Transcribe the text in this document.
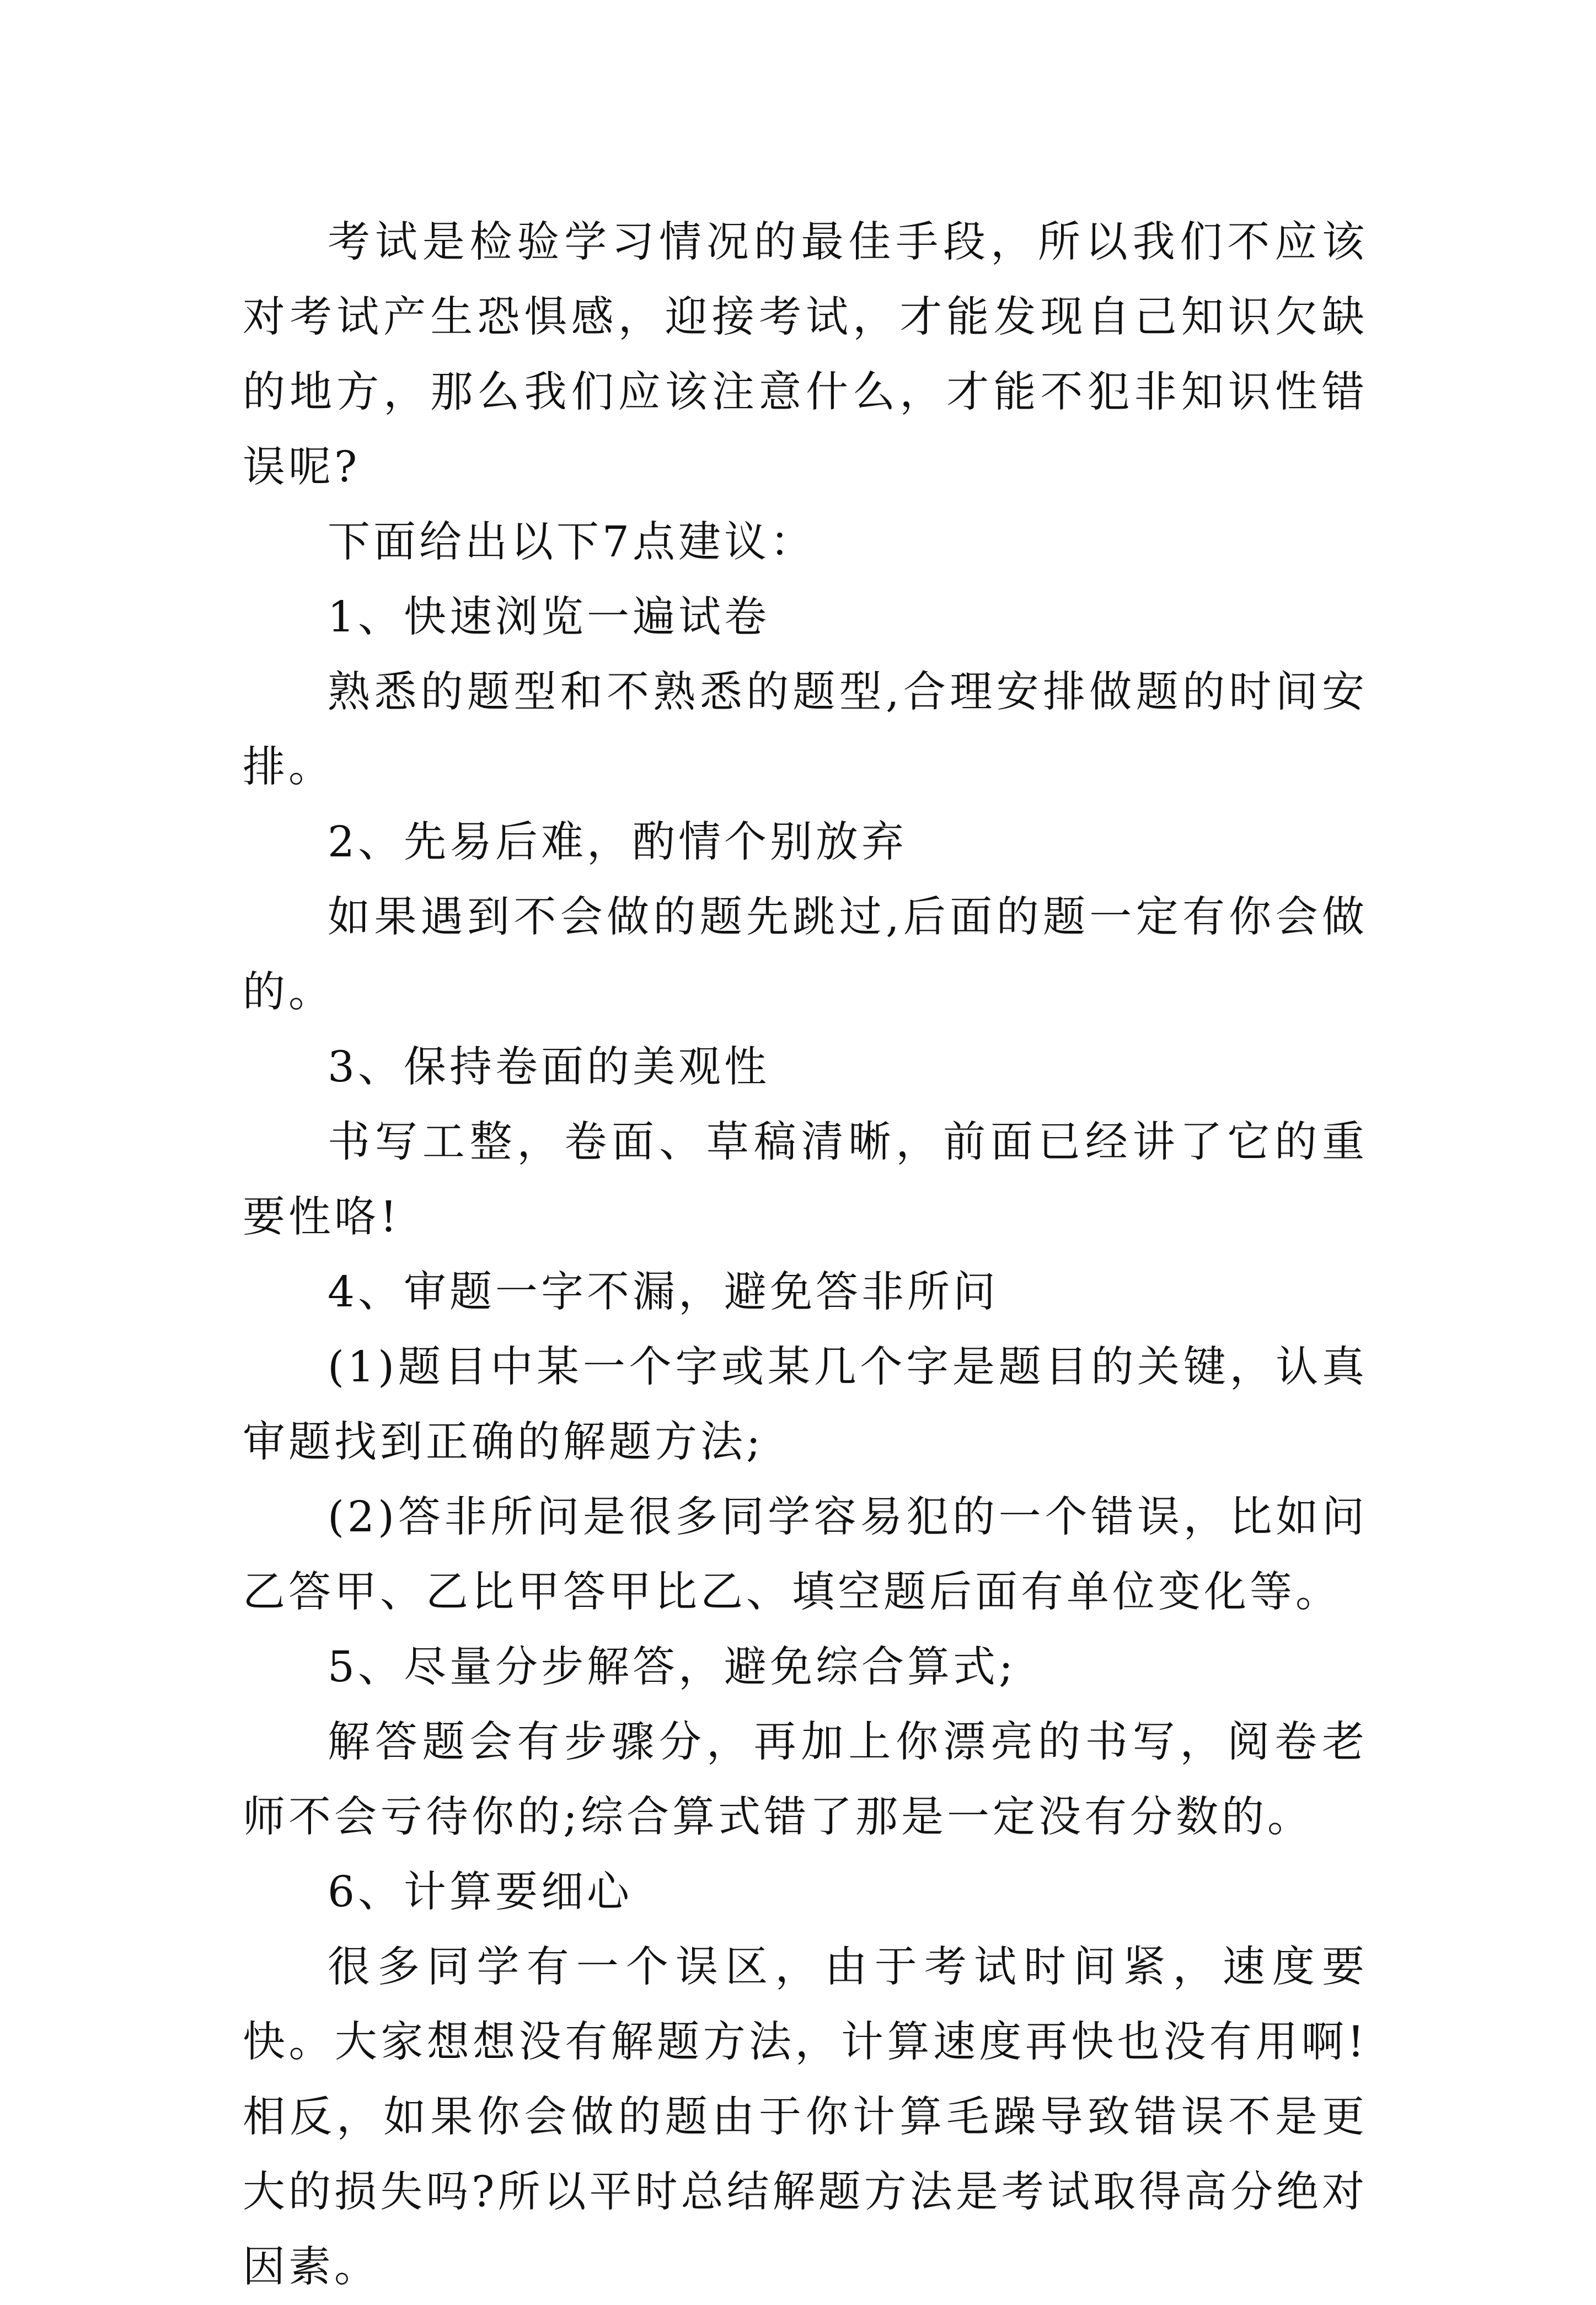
考试是检验学习情况的最佳手段，所以我们不应该对考试产生恐惧感，迎接考试，才能发现自己知识欠缺的地方，那么我们应该注意什么，才能不犯非知识性错误呢?

下面给出以下7点建议：

1、快速浏览一遍试卷

熟悉的题型和不熟悉的题型,合理安排做题的时间安排。

2、先易后难，酌情个别放弃

如果遇到不会做的题先跳过,后面的题一定有你会做的。

3、保持卷面的美观性

书写工整，卷面、草稿清晰，前面已经讲了它的重要性咯!

4、审题一字不漏，避免答非所问

(1)题目中某一个字或某几个字是题目的关键，认真审题找到正确的解题方法;

(2)答非所问是很多同学容易犯的一个错误，比如问乙答甲、乙比甲答甲比乙、填空题后面有单位变化等。

5、尽量分步解答，避免综合算式;

解答题会有步骤分，再加上你漂亮的书写，阅卷老师不会亏待你的;综合算式错了那是一定没有分数的。

6、计算要细心

很多同学有一个误区，由于考试时间紧，速度要快。大家想想没有解题方法，计算速度再快也没有用啊!相反，如果你会做的题由于你计算毛躁导致错误不是更大的损失吗?所以平时总结解题方法是考试取得高分绝对因素。
